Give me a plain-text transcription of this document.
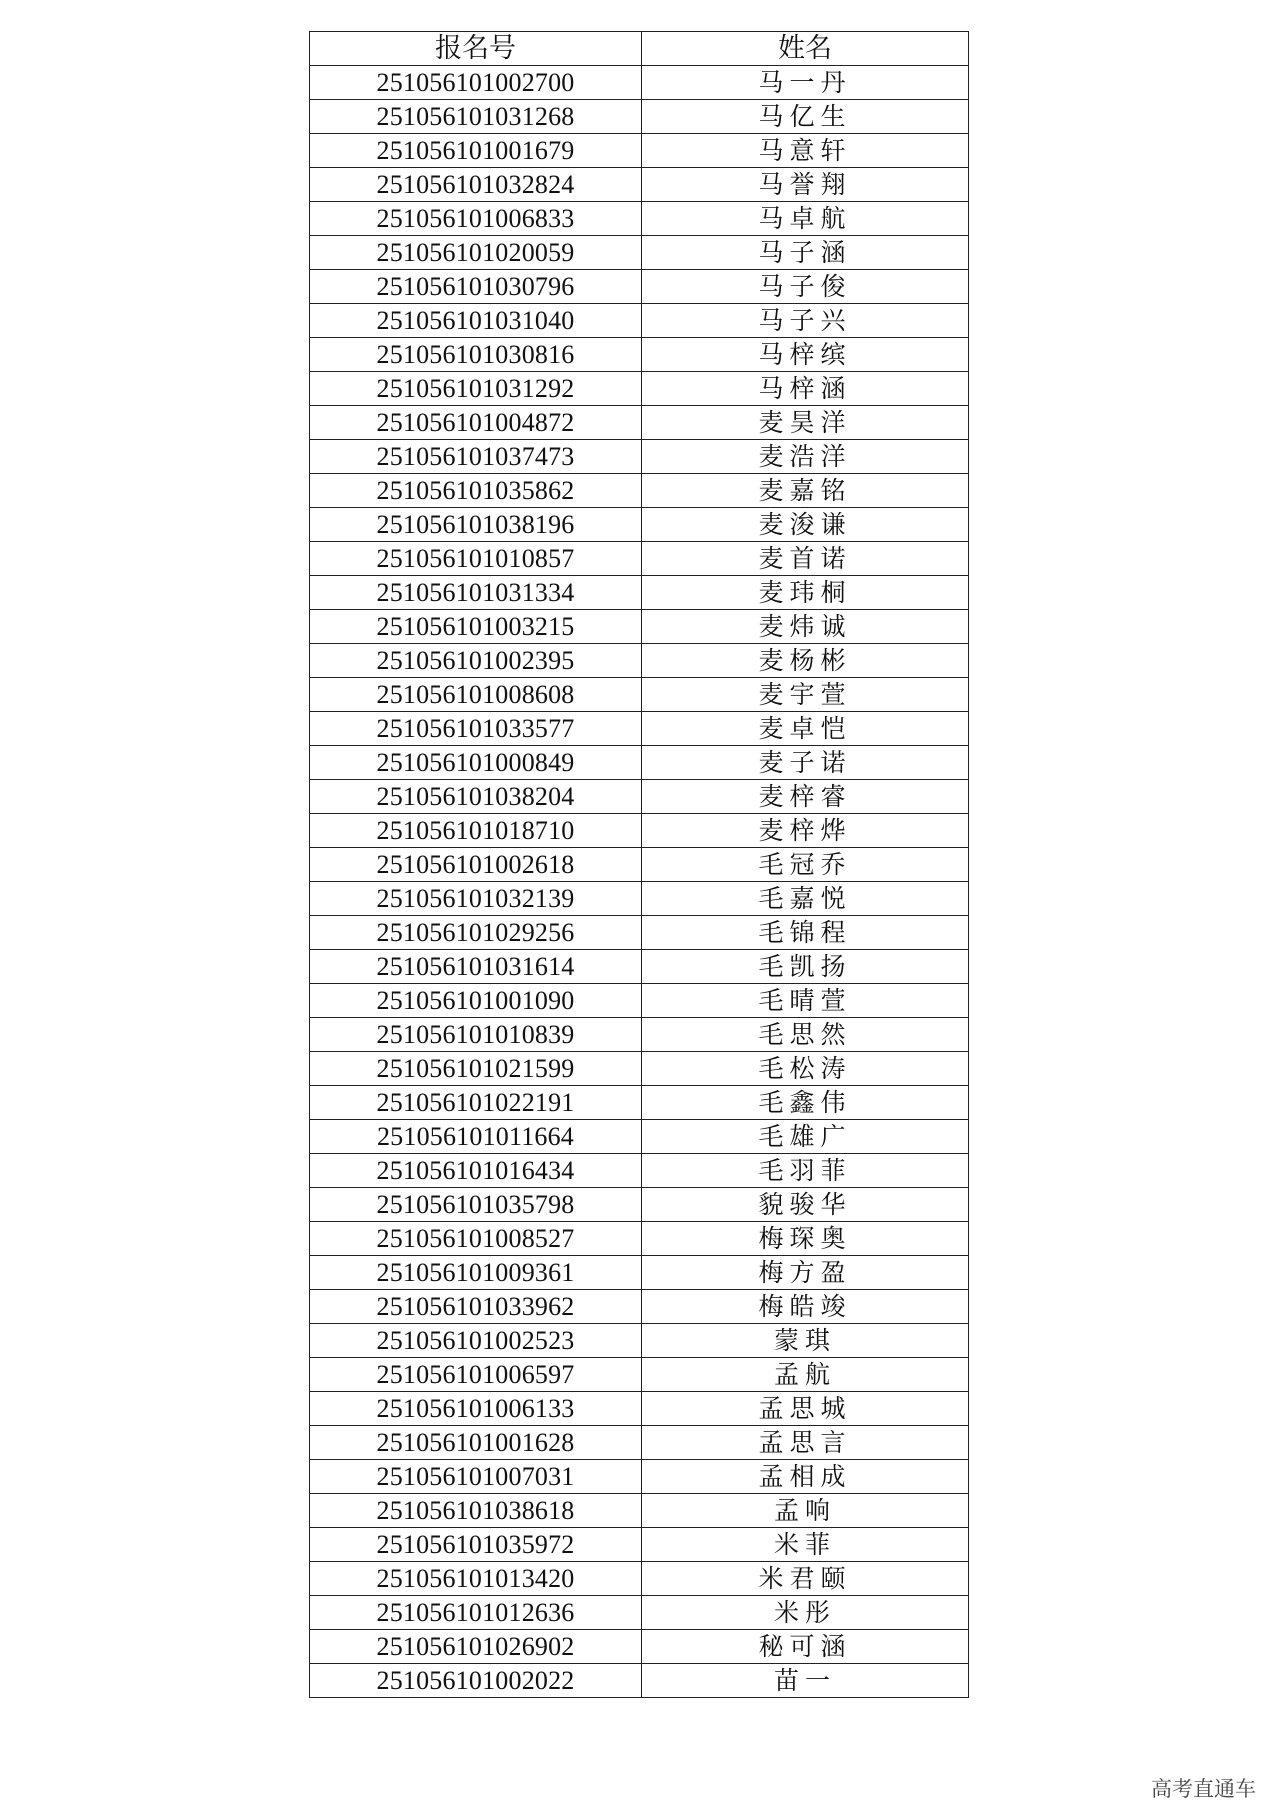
报名号	姓名
251056101002700	马一丹
251056101031268	马亿生
251056101001679	马意轩
251056101032824	马誉翔
251056101006833	马卓航
251056101020059	马子涵
251056101030796	马子俊
251056101031040	马子兴
251056101030816	马梓缤
251056101031292	马梓涵
251056101004872	麦昊洋
251056101037473	麦浩洋
251056101035862	麦嘉铭
251056101038196	麦浚谦
251056101010857	麦首诺
251056101031334	麦玮桐
251056101003215	麦炜诚
251056101002395	麦杨彬
251056101008608	麦宇萱
251056101033577	麦卓恺
251056101000849	麦子诺
251056101038204	麦梓睿
251056101018710	麦梓烨
251056101002618	毛冠乔
251056101032139	毛嘉悦
251056101029256	毛锦程
251056101031614	毛凯扬
251056101001090	毛晴萱
251056101010839	毛思然
251056101021599	毛松涛
251056101022191	毛鑫伟
251056101011664	毛雄广
251056101016434	毛羽菲
251056101035798	貌骏华
251056101008527	梅琛奥
251056101009361	梅方盈
251056101033962	梅皓竣
251056101002523	蒙琪
251056101006597	孟航
251056101006133	孟思城
251056101001628	孟思言
251056101007031	孟相成
251056101038618	孟响
251056101035972	米菲
251056101013420	米君颐
251056101012636	米彤
251056101026902	秘可涵
251056101002022	苗一
高考直通车
